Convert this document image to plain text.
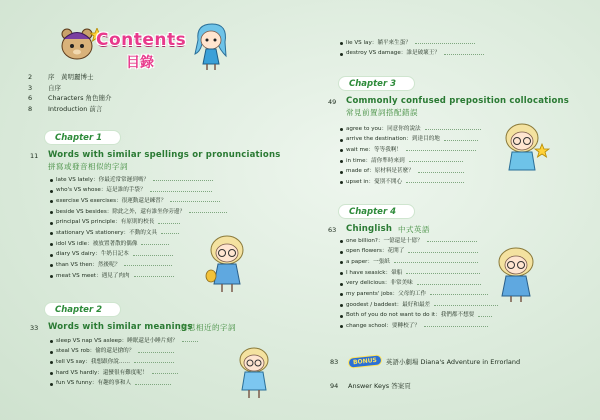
Contents
目錄
2	序　黃明麗博士
3	自序
6	Characters 角色簡介
8	Introduction 前言
Chapter 1
11 Words with similar spellings or pronunciations
拼寫或發音相似的字詞
late VS lately：你最近常常遲到嗎？
who's VS whose：這是誰的手袋？
exercise VS exercises：很運動還是練習？
beside VS besides：除此之外，還有誰坐你旁邊？
principal VS principle：有原則的校長
stationary VS stationery：不動的文具
idol VS idle：被放置著散的偶像
diary VS dairy：牛奶日記本
than VS then：然後呢？
meat VS meet：遇見了肉肉
Chapter 2
33 Words with similar meanings
意思相近的字詞
sleep VS nap VS asleep：睡眠還是小睡片刻？
steal VS rob：偷的還是搶的？
tell VS say：我想跟你說……
hard VS hardly：還蠻很有難度呢！
fun VS funny：有趣的事和人
lie VS lay：躺平來生蛋？
destroy VS damage：誰是破壞王？
Chapter 3
49 Commonly confused preposition collocations
常見前置詞搭配錯誤
agree to you：同意你的說法
arrive the destination：到達目的地
wait me：等等我啊！
in time：請你準時來到
made of：原材料是甚麼？
upset in：憂別不開心
Chapter 4
63 Chinglish 中式英語
one billion?：一億還是十億？
open flowers：花開了
a paper：一張紙
I have seasick：暈船
very delicious：非常美味
my parents' jobs：父母的工作
goodest / baddest：最好和最差
Both of you do not want to do it：我們都不想要
change school：要轉校了？
83	BONUS	英語小劇場 Diana's Adventure in Errorland
94	Answer Keys 答案頁
